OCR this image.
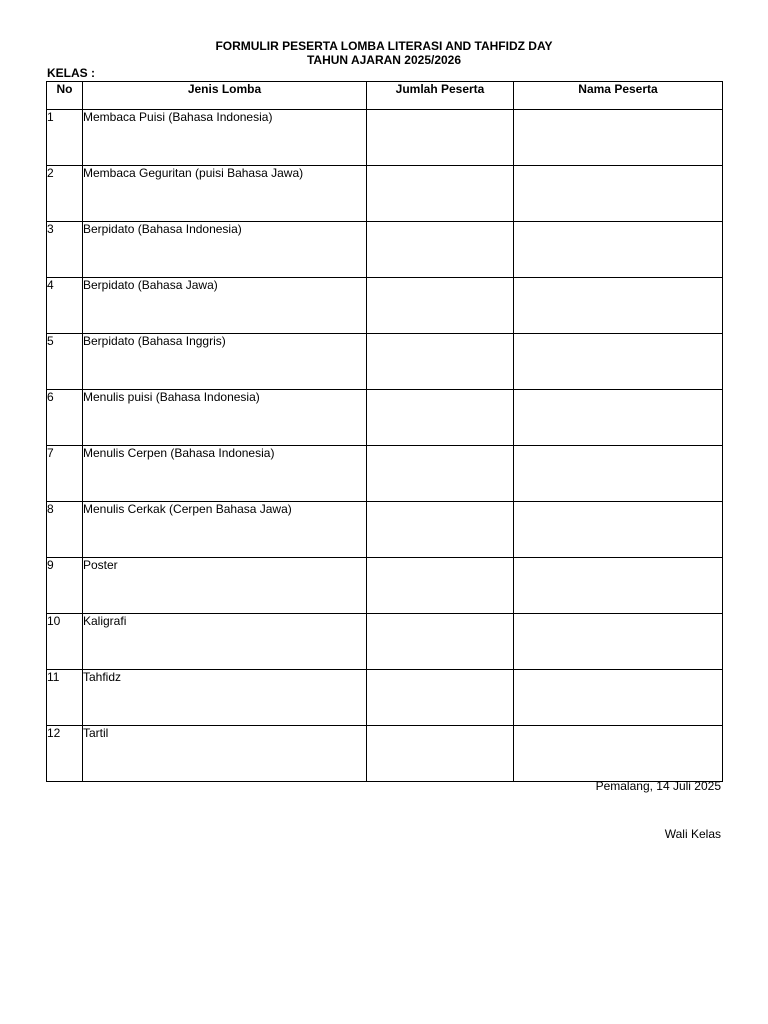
FORMULIR PESERTA LOMBA LITERASI AND TAHFIDZ DAY
TAHUN AJARAN 2025/2026
KELAS :
No	Jenis Lomba	Jumlah Peserta	Nama Peserta
1	Membaca Puisi (Bahasa Indonesia)		
2	Membaca Geguritan (puisi Bahasa Jawa)		
3	Berpidato (Bahasa Indonesia)		
4	Berpidato (Bahasa Jawa)		
5	Berpidato (Bahasa Inggris)		
6	Menulis puisi (Bahasa Indonesia)		
7	Menulis Cerpen (Bahasa Indonesia)		
8	Menulis Cerkak (Cerpen Bahasa Jawa)		
9	Poster		
10	Kaligrafi		
11	Tahfidz		
12	Tartil		
Pemalang, 14 Juli 2025
Wali Kelas
